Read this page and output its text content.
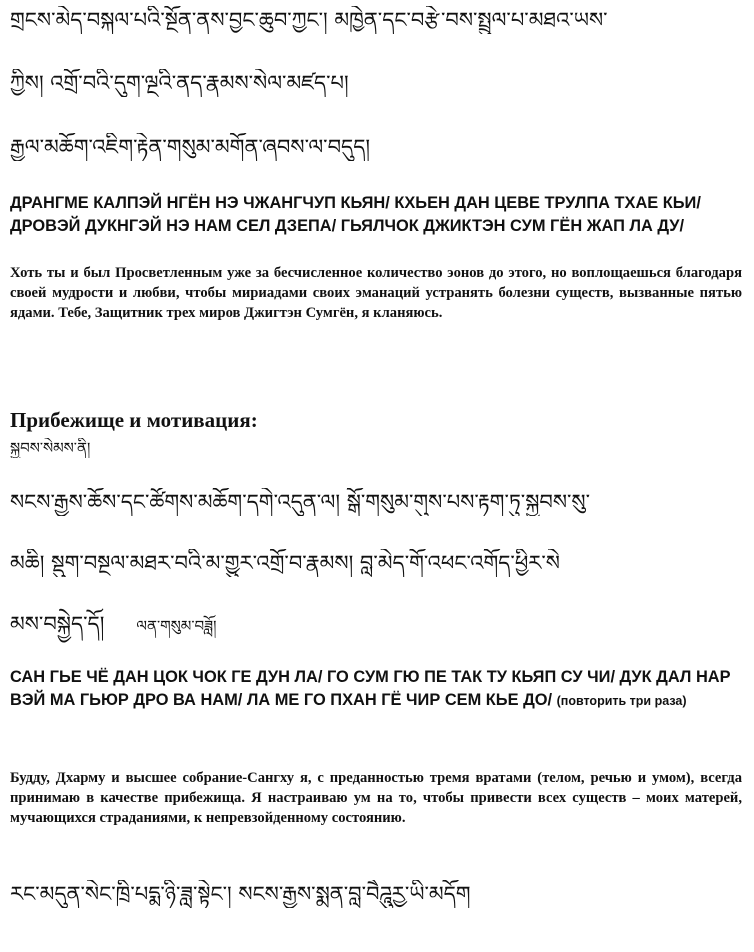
གྲངས་མེད་བསྐལ་པའི་སྔོན་ནས་བྱང་ཆུབ་ཀྱང་། མཁྱེན་དང་བརྩེ་བས་སྤྲུལ་པ་མཐའ་ཡས་
ཀྱིས། འགྲོ་བའི་དུག་ལྔའི་ནད་རྣམས་སེལ་མཛད་པ།
རྒྱལ་མཆོག་འཇིག་རྟེན་གསུམ་མགོན་ཞབས་ལ་བདུད།
ДРАНГМЕ КАЛПЭЙ НГЁН НЭ ЧЖАНГЧУП КЬЯН/ КХЬЕН ДАН ЦЕВЕ ТРУЛПА ТХАЕ КЬИ/ ДРОВЭЙ ДУКНГЭЙ НЭ НАМ СЕЛ ДЗЕПА/ ГЬЯЛЧОК ДЖИКТЭН СУМ ГЁН ЖАП ЛА ДУ/
Хоть ты и был Просветленным уже за бесчисленное количество эонов до этого, но воплощаешься благодаря своей мудрости и любви, чтобы мириадами своих эманаций устранять болезни существ, вызванные пятью ядами. Тебе, Защитник трех миров Джигтэн Сумгён, я кланяюсь.
Прибежище и мотивация:
སྐྱབས་སེམས་ནི།
སངས་རྒྱས་ཆོས་དང་ཚོགས་མཆོག་དགེ་འདུན་ལ། སྒོ་གསུམ་གུས་པས་རྟག་ཏུ་སྐྱབས་སུ་
མཆི། སྡུག་བསྔལ་མཐར་བའི་མ་གྱུར་འགྲོ་བ་རྣམས། བླ་མེད་གོ་འཕང་འགོད་ཕྱིར་སེ
མས་བསྐྱེད་དོ། ལན་གསུམ་བཟློ།
САН ГЬЕ ЧЁ ДАН ЦОК ЧОК ГЕ ДУН ЛА/ ГО СУМ ГЮ ПЕ ТАК ТУ КЬЯП СУ ЧИ/ ДУК ДАЛ НАР ВЭЙ МА ГЬЮР ДРО ВА НАМ/ ЛА МЕ ГО ПХАН ГЁ ЧИР СЕМ КЬЕ ДО/ (повторить три раза)
Будду, Дхарму и высшее собрание-Сангху я, с преданностью тремя вратами (телом, речью и умом), всегда принимаю в качестве прибежища. Я настраиваю ум на то, чтобы привести всех существ – моих матерей, мучающихся страданиями, к непревзойденному состоянию.
རང་མདུན་སེང་ཁྲི་པདྨ་ཉི་ཟླ་སྟེང་། སངས་རྒྱས་སྨན་བླ་བཻཌཱུརྱ་ཡི་མདོག
